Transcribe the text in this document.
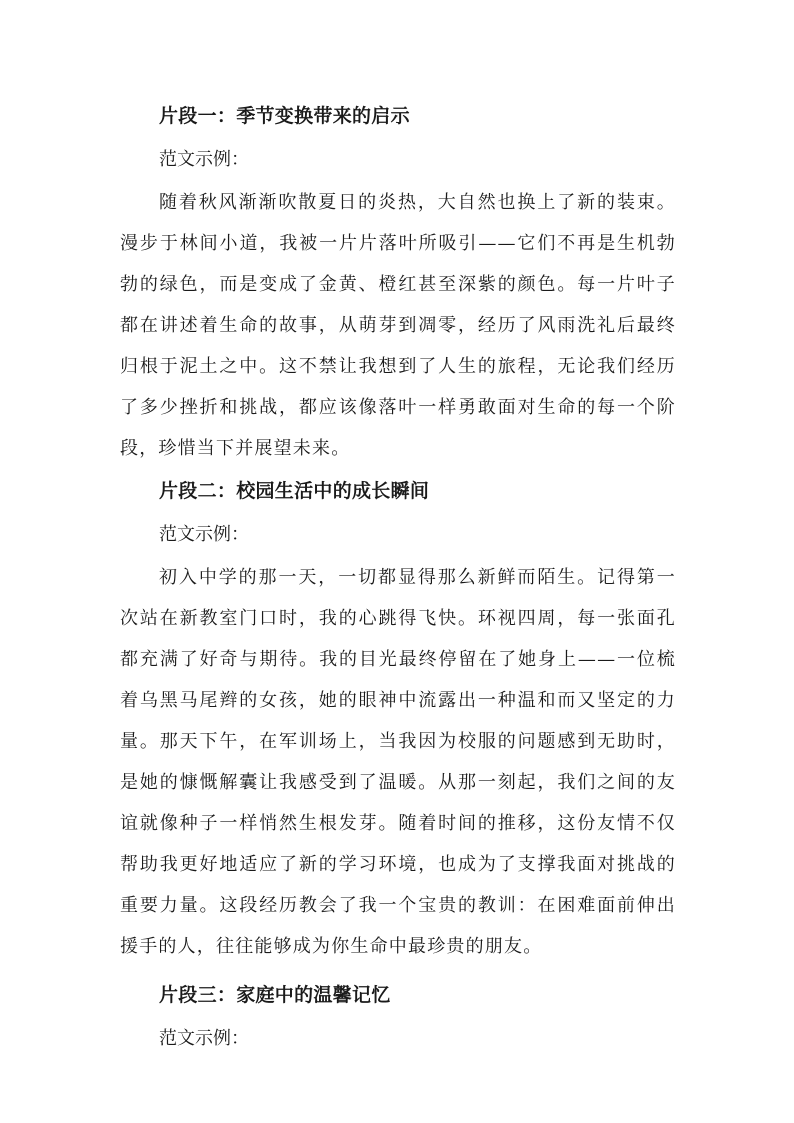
片段一：季节变换带来的启示

范文示例：

随着秋风渐渐吹散夏日的炎热，大自然也换上了新的装束。漫步于林间小道，我被一片片落叶所吸引——它们不再是生机勃勃的绿色，而是变成了金黄、橙红甚至深紫的颜色。每一片叶子都在讲述着生命的故事，从萌芽到凋零，经历了风雨洗礼后最终归根于泥土之中。这不禁让我想到了人生的旅程，无论我们经历了多少挫折和挑战，都应该像落叶一样勇敢面对生命的每一个阶段，珍惜当下并展望未来。

片段二：校园生活中的成长瞬间

范文示例：

初入中学的那一天，一切都显得那么新鲜而陌生。记得第一次站在新教室门口时，我的心跳得飞快。环视四周，每一张面孔都充满了好奇与期待。我的目光最终停留在了她身上——一位梳着乌黑马尾辫的女孩，她的眼神中流露出一种温和而又坚定的力量。那天下午，在军训场上，当我因为校服的问题感到无助时，是她的慷慨解囊让我感受到了温暖。从那一刻起，我们之间的友谊就像种子一样悄然生根发芽。随着时间的推移，这份友情不仅帮助我更好地适应了新的学习环境，也成为了支撑我面对挑战的重要力量。这段经历教会了我一个宝贵的教训：在困难面前伸出援手的人，往往能够成为你生命中最珍贵的朋友。

片段三：家庭中的温馨记忆

范文示例：
